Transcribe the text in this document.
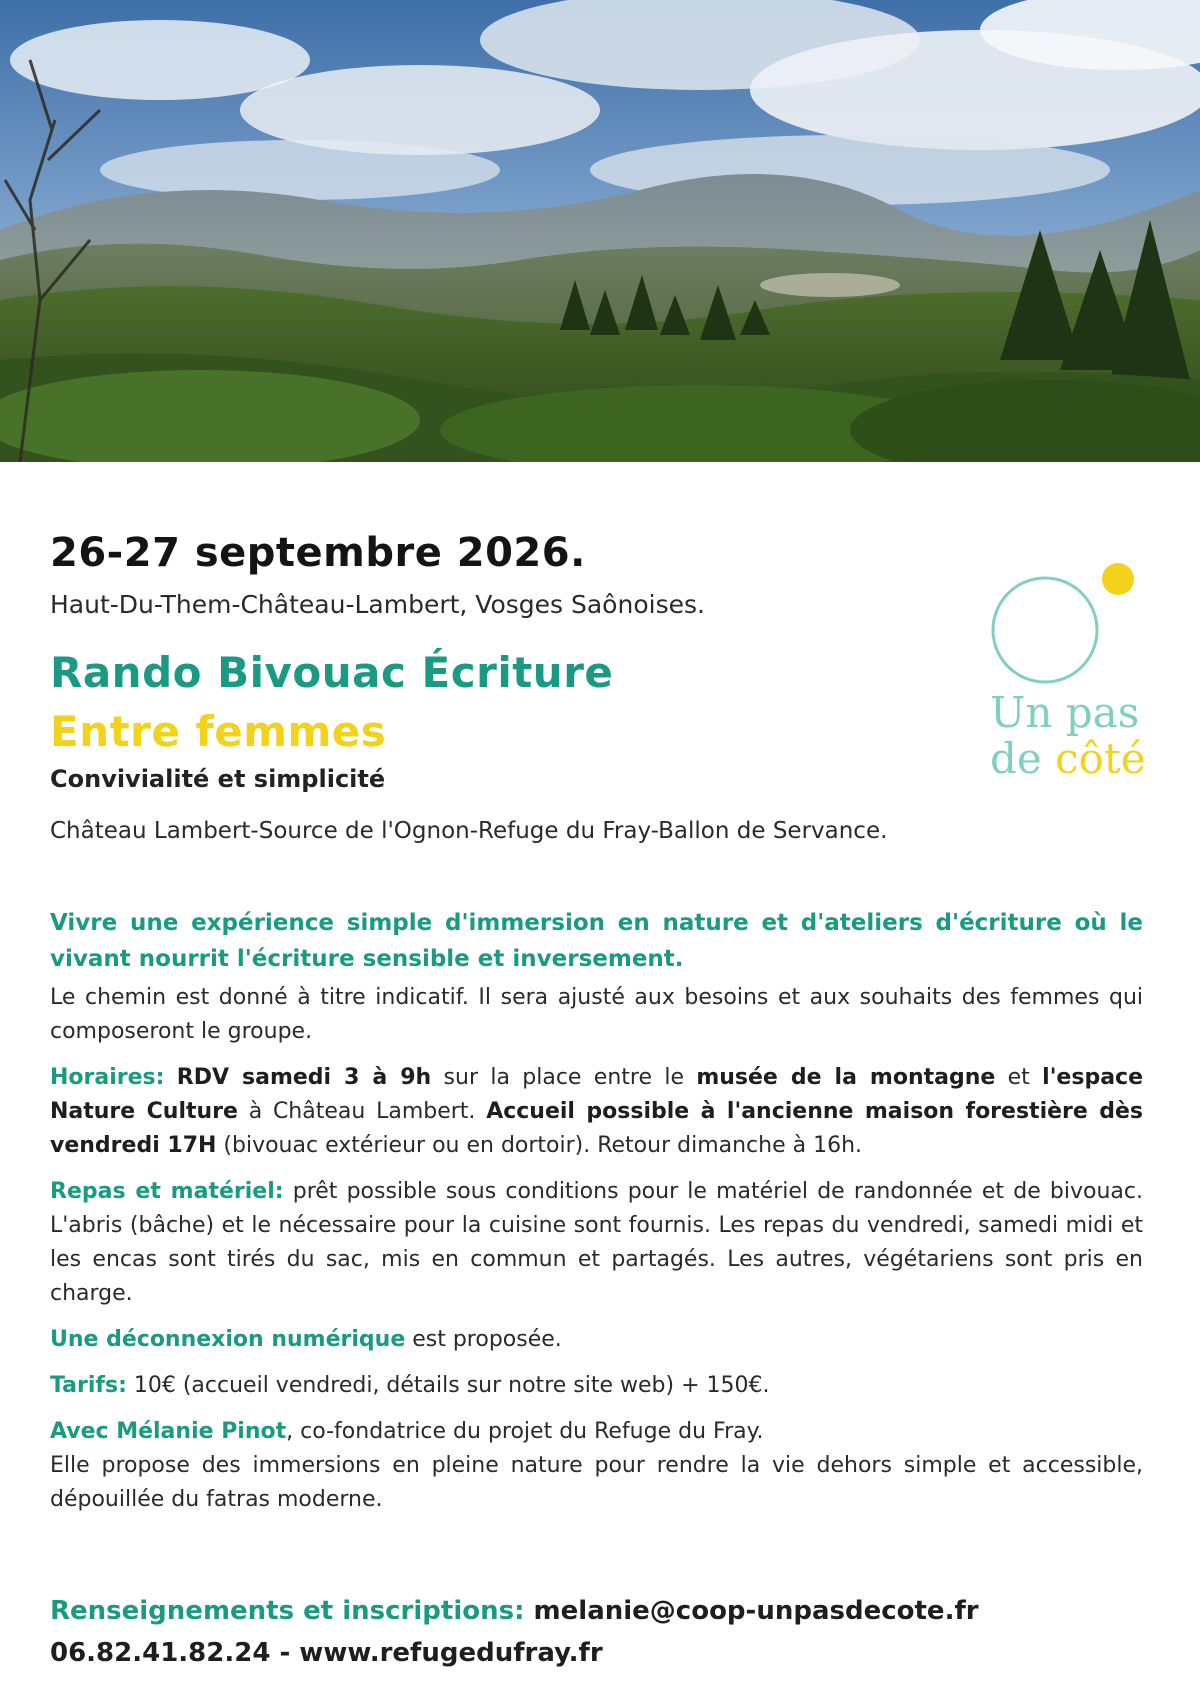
26-27 septembre 2026.

Haut-Du-Them-Château-Lambert, Vosges Saônoises.

Rando Bivouac Écriture

Entre femmes

Convivialité et simplicité

Château Lambert-Source de l'Ognon-Refuge du Fray-Ballon de Servance.

Un pas
de côté

Vivre une expérience simple d'immersion en nature et d'ateliers d'écriture où le vivant nourrit l'écriture sensible et inversement.

Le chemin est donné à titre indicatif. Il sera ajusté aux besoins et aux souhaits des femmes qui composeront le groupe.

Horaires: RDV samedi 3 à 9h sur la place entre le musée de la montagne et l'espace Nature Culture à Château Lambert. Accueil possible à l'ancienne maison forestière dès vendredi 17H (bivouac extérieur ou en dortoir). Retour dimanche à 16h.

Repas et matériel: prêt possible sous conditions pour le matériel de randonnée et de bivouac. L'abris (bâche) et le nécessaire pour la cuisine sont fournis. Les repas du vendredi, samedi midi et les encas sont tirés du sac, mis en commun et partagés. Les autres, végétariens sont pris en charge.

Une déconnexion numérique est proposée.

Tarifs: 10€ (accueil vendredi, détails sur notre site web) + 150€.

Avec Mélanie Pinot, co-fondatrice du projet du Refuge du Fray.
Elle propose des immersions en pleine nature pour rendre la vie dehors simple et accessible, dépouillée du fatras moderne.

Renseignements et inscriptions: melanie@coop-unpasdecote.fr
06.82.41.82.24 - www.refugedufray.fr
